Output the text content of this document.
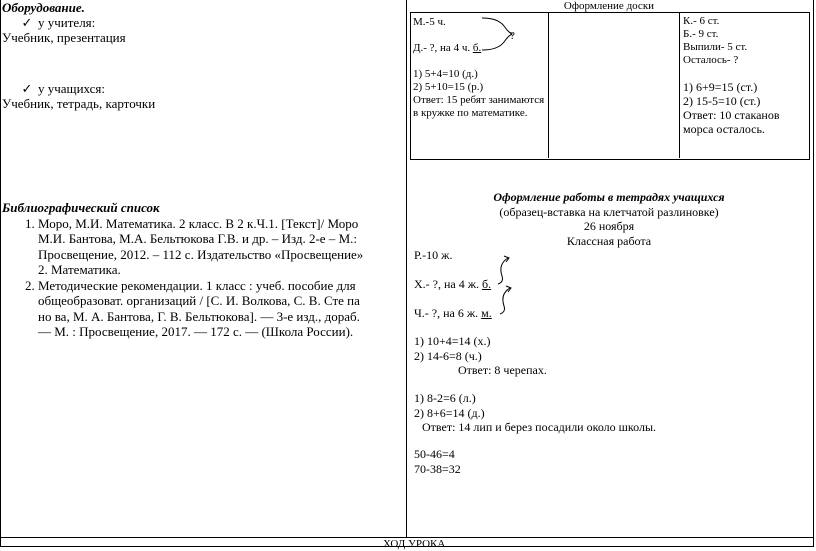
Оборудование.
✓ у учителя:
Учебник, презентация
✓ у учащихся:
Учебник, тетрадь, карточки
Библиографический список
1. Моро, М.И. Математика. 2 класс. В 2 к.Ч.1. [Текст]/ Моро М.И. Бантова, М.А. Бельтюкова Г.В. и др. – Изд. 2-е – М.: Просвещение, 2012. – 112 с. Издательство «Просвещение» 2. Математика.
2. Методические рекомендации. 1 класс : учеб. пособие для общеобразоват. организаций / [С. И. Волкова, С. В. Сте па но ва, М. А. Бантова, Г. В. Бельтюкова]. — 3-е изд., дораб. — М. : Просвещение, 2017. — 172 с. — (Школа России).
Оформление доски
М.-5 ч.
?
Д.- ?, на 4 ч. б.
1) 5+4=10 (д.)
2) 5+10=15 (р.)
Ответ: 15 ребят занимаются в кружке по математике.
К.- 6 ст.
Б.- 9 ст.
Выпили- 5 ст.
Осталось- ?
1) 6+9=15 (ст.)
2) 15-5=10 (ст.)
Ответ: 10 стаканов морса осталось.
Оформление работы в тетрадях учащихся
(образец-вставка на клетчатой разлиновке)
26 ноября
Классная работа
Р.-10 ж.
Х.- ?, на 4 ж. б.
Ч.- ?, на 6 ж. м.
1) 10+4=14 (х.)
2) 14-6=8 (ч.)
Ответ: 8 черепах.
1) 8-2=6 (л.)
2) 8+6=14 (д.)
Ответ: 14 лип и берез посадили около школы.
50-46=4
70-38=32
ХОД УРОКА
